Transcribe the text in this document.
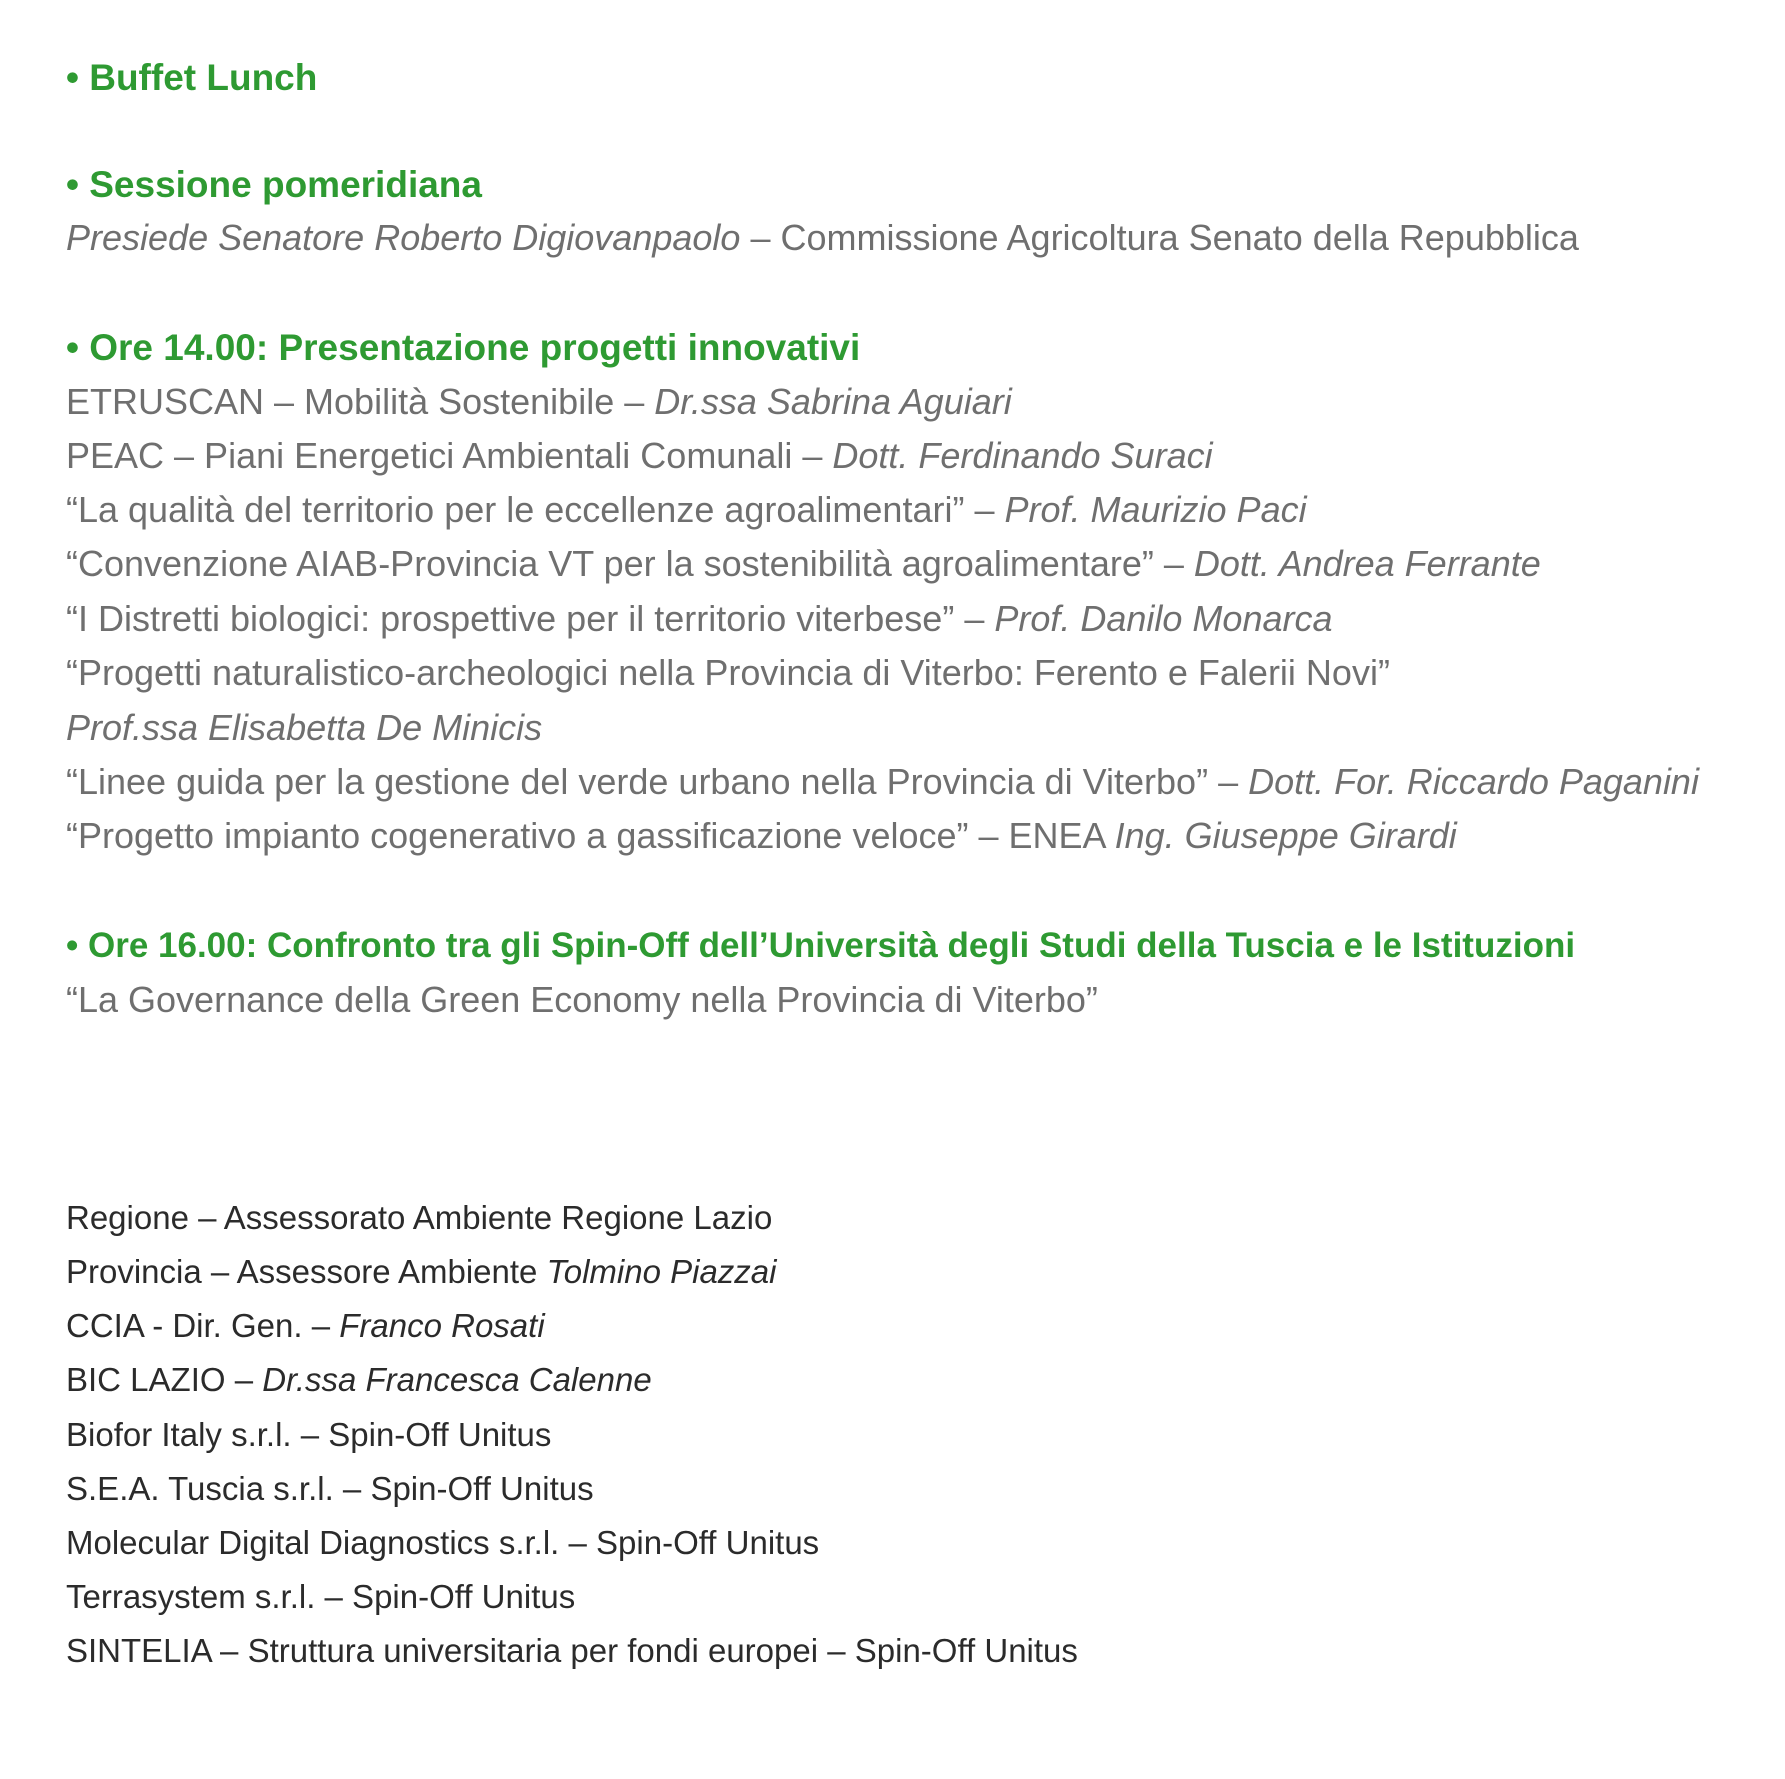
• Buffet Lunch
• Sessione pomeridiana
Presiede Senatore Roberto Digiovanpaolo – Commissione Agricoltura Senato della Repubblica
• Ore 14.00: Presentazione progetti innovativi
ETRUSCAN – Mobilità Sostenibile – Dr.ssa Sabrina Aguiari
PEAC – Piani Energetici Ambientali Comunali – Dott. Ferdinando Suraci
“La qualità del territorio per le eccellenze agroalimentari” – Prof. Maurizio Paci
“Convenzione AIAB-Provincia VT per la sostenibilità agroalimentare” – Dott. Andrea Ferrante
“I Distretti biologici: prospettive per il territorio viterbese” – Prof. Danilo Monarca
“Progetti naturalistico-archeologici nella Provincia di Viterbo: Ferento e Falerii Novi”
Prof.ssa Elisabetta De Minicis
“Linee guida per la gestione del verde urbano nella Provincia di Viterbo” – Dott. For. Riccardo Paganini
“Progetto impianto cogenerativo a gassificazione veloce” – ENEA Ing. Giuseppe Girardi
• Ore 16.00: Confronto tra gli Spin-Off dell’Università degli Studi della Tuscia e le Istituzioni
“La Governance della Green Economy nella Provincia di Viterbo”
Regione – Assessorato Ambiente Regione Lazio
Provincia – Assessore Ambiente Tolmino Piazzai
CCIA - Dir. Gen. – Franco Rosati
BIC LAZIO – Dr.ssa Francesca Calenne
Biofor Italy s.r.l. – Spin-Off Unitus
S.E.A. Tuscia s.r.l. – Spin-Off Unitus
Molecular Digital Diagnostics s.r.l. – Spin-Off Unitus
Terrasystem s.r.l. – Spin-Off Unitus
SINTELIA – Struttura universitaria per fondi europei – Spin-Off Unitus
